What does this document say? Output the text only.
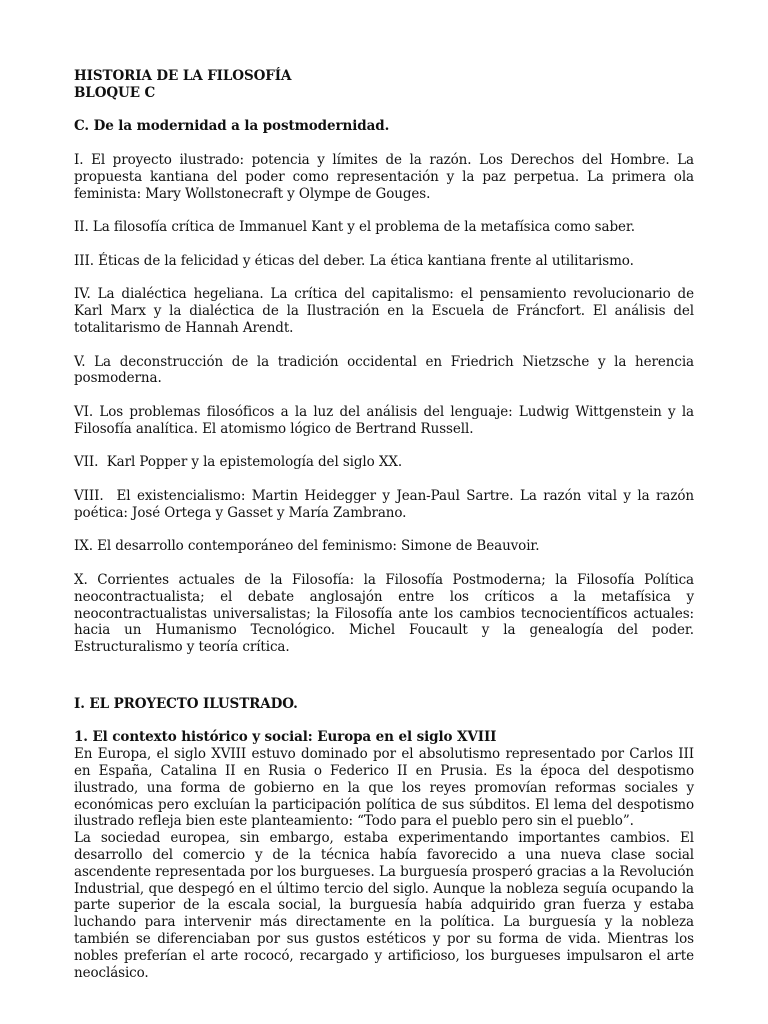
HISTORIA DE LA FILOSOFÍA

BLOQUE C

C. De la modernidad a la postmodernidad.

I. El proyecto ilustrado: potencia y límites de la razón. Los Derechos del Hombre. La propuesta kantiana del poder como representación y la paz perpetua. La primera ola feminista: Mary Wollstonecraft y Olympe de Gouges.

II. La filosofía crítica de Immanuel Kant y el problema de la metafísica como saber.

III. Éticas de la felicidad y éticas del deber. La ética kantiana frente al utilitarismo.

IV. La dialéctica hegeliana. La crítica del capitalismo: el pensamiento revolucionario de Karl Marx y la dialéctica de la Ilustración en la Escuela de Fráncfort. El análisis del totalitarismo de Hannah Arendt.

V. La deconstrucción de la tradición occidental en Friedrich Nietzsche y la herencia posmoderna.

VI. Los problemas filosóficos a la luz del análisis del lenguaje: Ludwig Wittgenstein y la Filosofía analítica. El atomismo lógico de Bertrand Russell.

VII.  Karl Popper y la epistemología del siglo XX.

VIII.  El existencialismo: Martin Heidegger y Jean-Paul Sartre. La razón vital y la razón poética: José Ortega y Gasset y María Zambrano.

IX. El desarrollo contemporáneo del feminismo: Simone de Beauvoir.

X. Corrientes actuales de la Filosofía: la Filosofía Postmoderna; la Filosofía Política neocontractualista; el debate anglosajón entre los críticos a la metafísica y neocontractualistas universalistas; la Filosofía ante los cambios tecnocientíficos actuales: hacia un Humanismo Tecnológico. Michel Foucault y la genealogía del poder. Estructuralismo y teoría crítica.

I. EL PROYECTO ILUSTRADO.

1. El contexto histórico y social: Europa en el siglo XVIII

En Europa, el siglo XVIII estuvo dominado por el absolutismo representado por Carlos III en España, Catalina II en Rusia o Federico II en Prusia. Es la época del despotismo ilustrado, una forma de gobierno en la que los reyes promovían reformas sociales y económicas pero excluían la participación política de sus súbditos. El lema del despotismo ilustrado refleja bien este planteamiento: “Todo para el pueblo pero sin el pueblo”.

La sociedad europea, sin embargo, estaba experimentando importantes cambios. El desarrollo del comercio y de la técnica había favorecido a una nueva clase social ascendente representada por los burgueses. La burguesía prosperó gracias a la Revolución Industrial, que despegó en el último tercio del siglo. Aunque la nobleza seguía ocupando la parte superior de la escala social, la burguesía había adquirido gran fuerza y estaba luchando para intervenir más directamente en la política. La burguesía y la nobleza también se diferenciaban por sus gustos estéticos y por su forma de vida. Mientras los nobles preferían el arte rococó, recargado y artificioso, los burgueses impulsaron el arte neoclásico.
